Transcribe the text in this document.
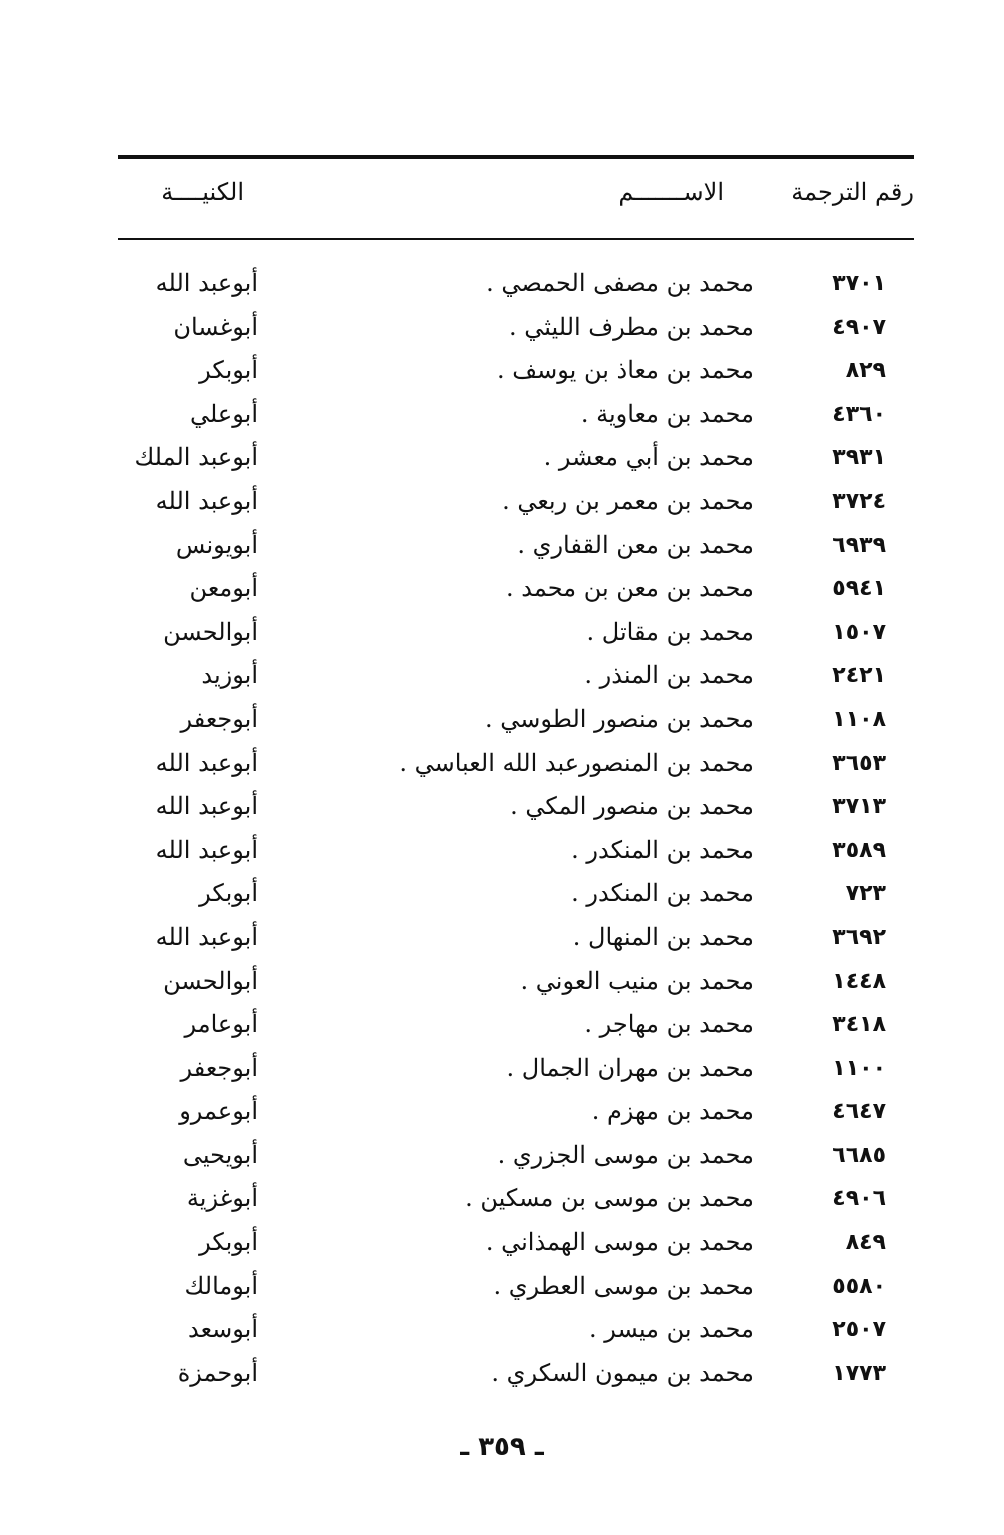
رقم الترجمة
الاســـــــم
الكنيــــة
٣٧٠١
محمد بن مصفى الحمصي .
أبوعبد الله
٤٩٠٧
محمد بن مطرف الليثي .
أبوغسان
٨٢٩
محمد بن معاذ بن يوسف .
أبوبكر
٤٣٦٠
محمد بن معاوية .
أبوعلي
٣٩٣١
محمد بن أبي معشر .
أبوعبد الملك
٣٧٢٤
محمد بن معمر بن ربعي .
أبوعبد الله
٦٩٣٩
محمد بن معن القفاري .
أبويونس
٥٩٤١
محمد بن معن بن محمد .
أبومعن
١٥٠٧
محمد بن مقاتل .
أبوالحسن
٢٤٢١
محمد بن المنذر .
أبوزيد
١١٠٨
محمد بن منصور الطوسي .
أبوجعفر
٣٦٥٣
محمد بن المنصورعبد الله العباسي .
أبوعبد الله
٣٧١٣
محمد بن منصور المكي .
أبوعبد الله
٣٥٨٩
محمد بن المنكدر .
أبوعبد الله
٧٢٣
محمد بن المنكدر .
أبوبكر
٣٦٩٢
محمد بن المنهال .
أبوعبد الله
١٤٤٨
محمد بن منيب العوني .
أبوالحسن
٣٤١٨
محمد بن مهاجر .
أبوعامر
١١٠٠
محمد بن مهران الجمال .
أبوجعفر
٤٦٤٧
محمد بن مهزم .
أبوعمرو
٦٦٨٥
محمد بن موسى الجزري .
أبويحيى
٤٩٠٦
محمد بن موسى بن مسكين .
أبوغزية
٨٤٩
محمد بن موسى الهمذاني .
أبوبكر
٥٥٨٠
محمد بن موسى العطري .
أبومالك
٢٥٠٧
محمد بن ميسر .
أبوسعد
١٧٧٣
محمد بن ميمون السكري .
أبوحمزة
ـ ٣٥٩ ـ
